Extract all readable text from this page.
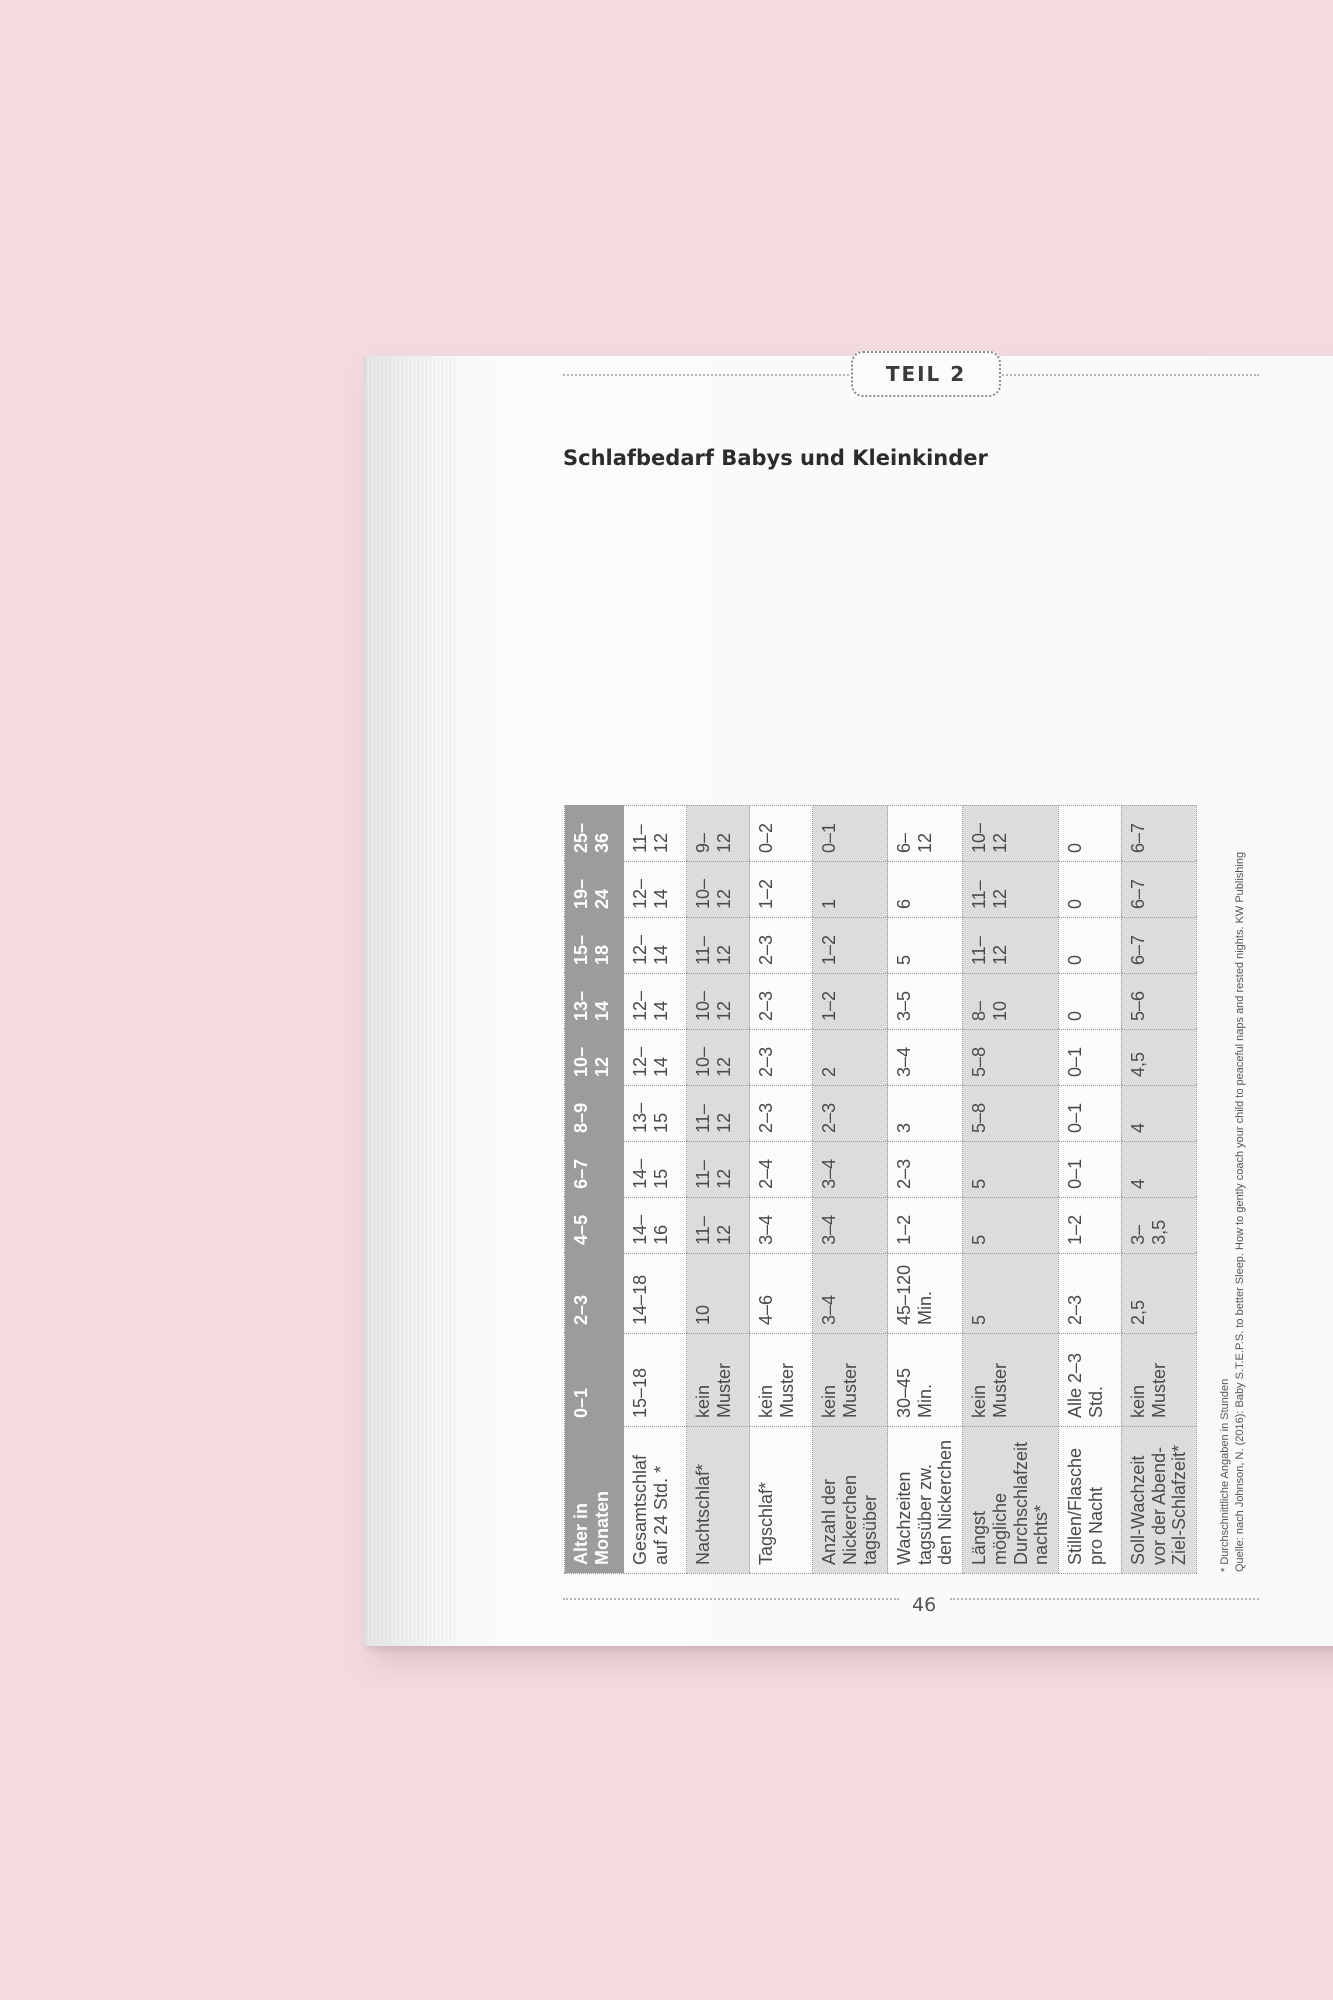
TEIL 2
Schlafbedarf Babys und Kleinkinder
Alter in Monaten	0–1	2–3	4–5	6–7	8–9	10–12	13–14	15–18	19–24	25–36
Gesamtschlaf auf 24 Std. *	15–18	14–18	14–16	14–15	13–15	12–14	12–14	12–14	12–14	11–12
Nachtschlaf*	kein Muster	10	11–12	11–12	11–12	10–12	10–12	11–12	10–12	9–12
Tagschlaf*	kein Muster	4–6	3–4	2–4	2–3	2–3	2–3	2–3	1–2	0–2
Anzahl der Nickerchen tagsüber	kein Muster	3–4	3–4	3–4	2–3	2	1–2	1–2	1	0–1
Wachzeiten tagsüber zw. den Nickerchen	30–45 Min.	45–120 Min.	1–2	2–3	3	3–4	3–5	5	6	6–12
Längst mögliche Durchschlafzeit nachts*	kein Muster	5	5	5	5–8	5–8	8–10	11–12	11–12	10–12
Stillen/Flasche pro Nacht	Alle 2–3 Std.	2–3	1–2	0–1	0–1	0–1	0	0	0	0
Soll-Wachzeit vor der Abend-Ziel-Schlafzeit*	kein Muster	2,5	3–3,5	4	4	4,5	5–6	6–7	6–7	6–7
* Durchschnittliche Angaben in Stunden Quelle: nach Johnson, N. (2016): Baby S.T.E.P.S. to better Sleep. How to gently coach your child to peaceful naps and rested nights. KW Publishing
46
